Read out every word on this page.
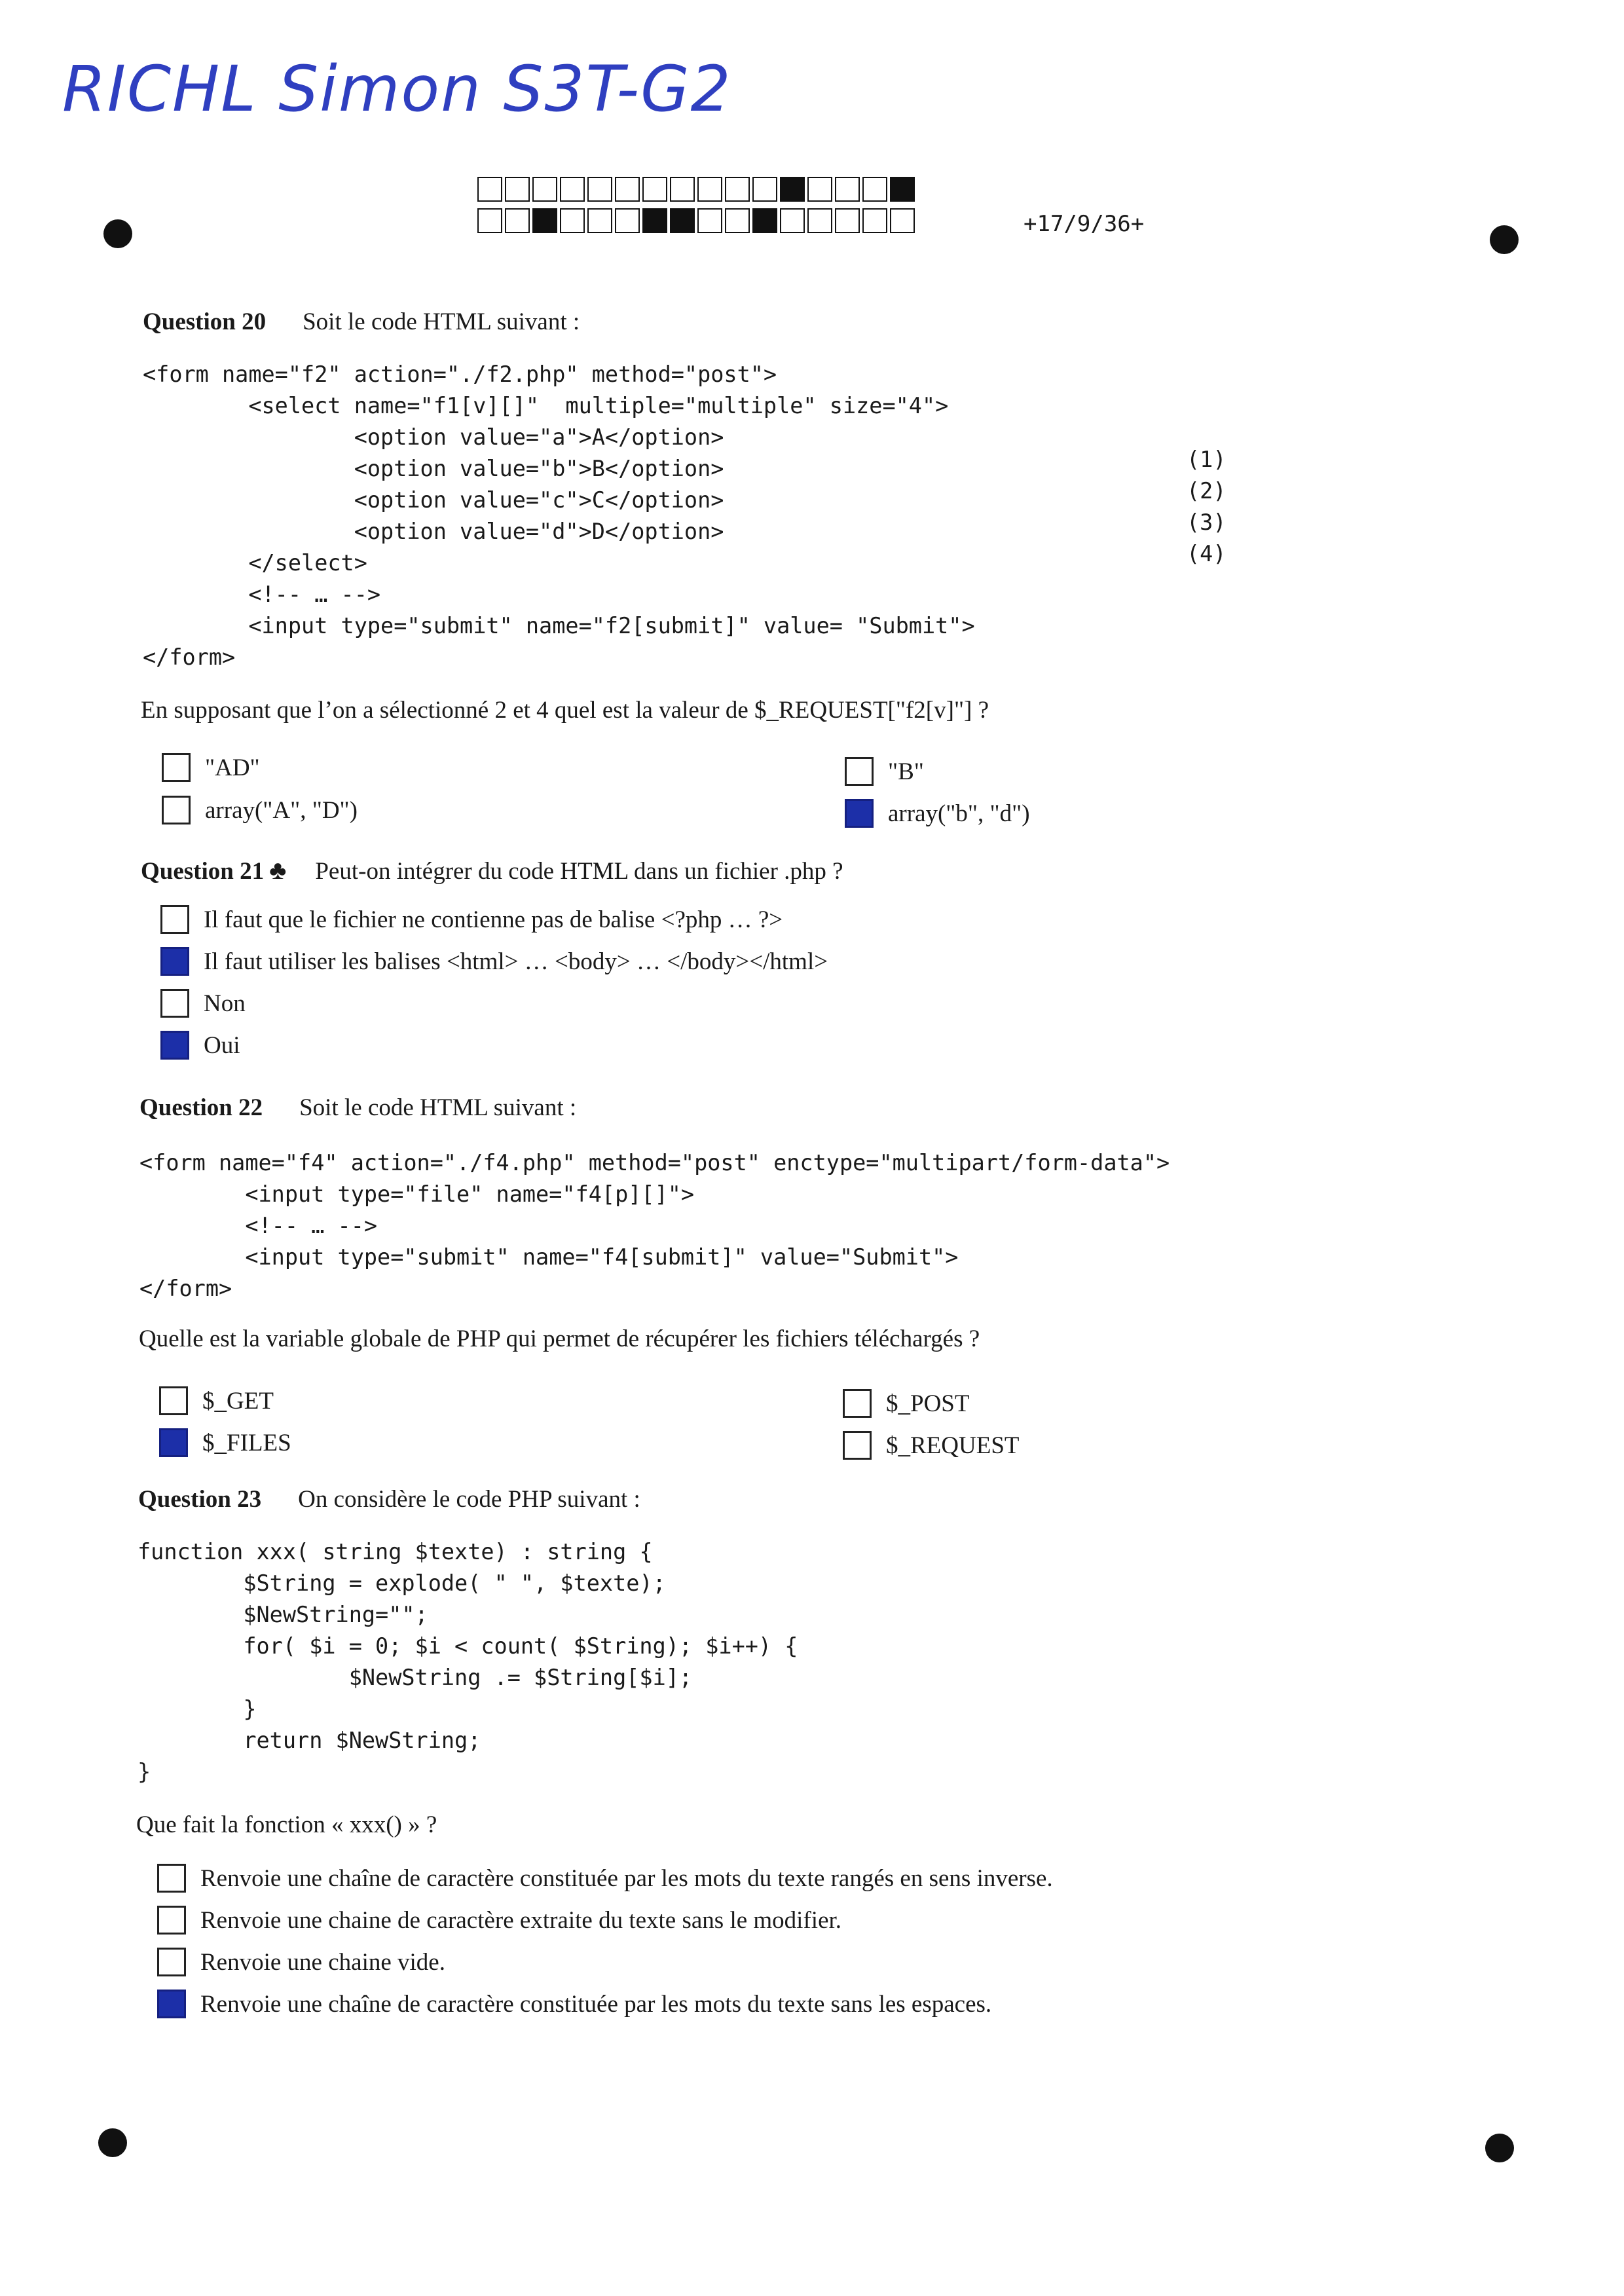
RICHL Simon S3T-G2
+17/9/36+
Question 20 Soit le code HTML suivant :
<form name="f2" action="./f2.php" method="post">
<select name="f1[v][]"  multiple="multiple" size="4">
<option value="a">A</option>
<option value="b">B</option>
<option value="c">C</option>
<option value="d">D</option>
</select>
<!-- … -->
<input type="submit" name="f2[submit]" value= "Submit">
</form>
(1)
(2)
(3)
(4)
En supposant que l’on a sélectionné 2 et 4 quel est la valeur de $_REQUEST["f2[v]"] ?
"AD"
array("A", "D")
"B"
array("b", "d")
Question 21 ♣ Peut-on intégrer du code HTML dans un fichier .php ?
Il faut que le fichier ne contienne pas de balise <?php … ?>
Il faut utiliser les balises <html> … <body> … </body></html>
Non
Oui
Question 22 Soit le code HTML suivant :
<form name="f4" action="./f4.php" method="post" enctype="multipart/form-data">
<input type="file" name="f4[p][]">
<!-- … -->
<input type="submit" name="f4[submit]" value="Submit">
</form>
Quelle est la variable globale de PHP qui permet de récupérer les fichiers téléchargés ?
$_GET
$_FILES
$_POST
$_REQUEST
Question 23 On considère le code PHP suivant :
function xxx( string $texte) : string {
$String = explode( " ", $texte);
$NewString="";
for( $i = 0; $i < count( $String); $i++) {
$NewString .= $String[$i];
}
return $NewString;
}
Que fait la fonction « xxx() » ?
Renvoie une chaîne de caractère constituée par les mots du texte rangés en sens inverse.
Renvoie une chaine de caractère extraite du texte sans le modifier.
Renvoie une chaine vide.
Renvoie une chaîne de caractère constituée par les mots du texte sans les espaces.
